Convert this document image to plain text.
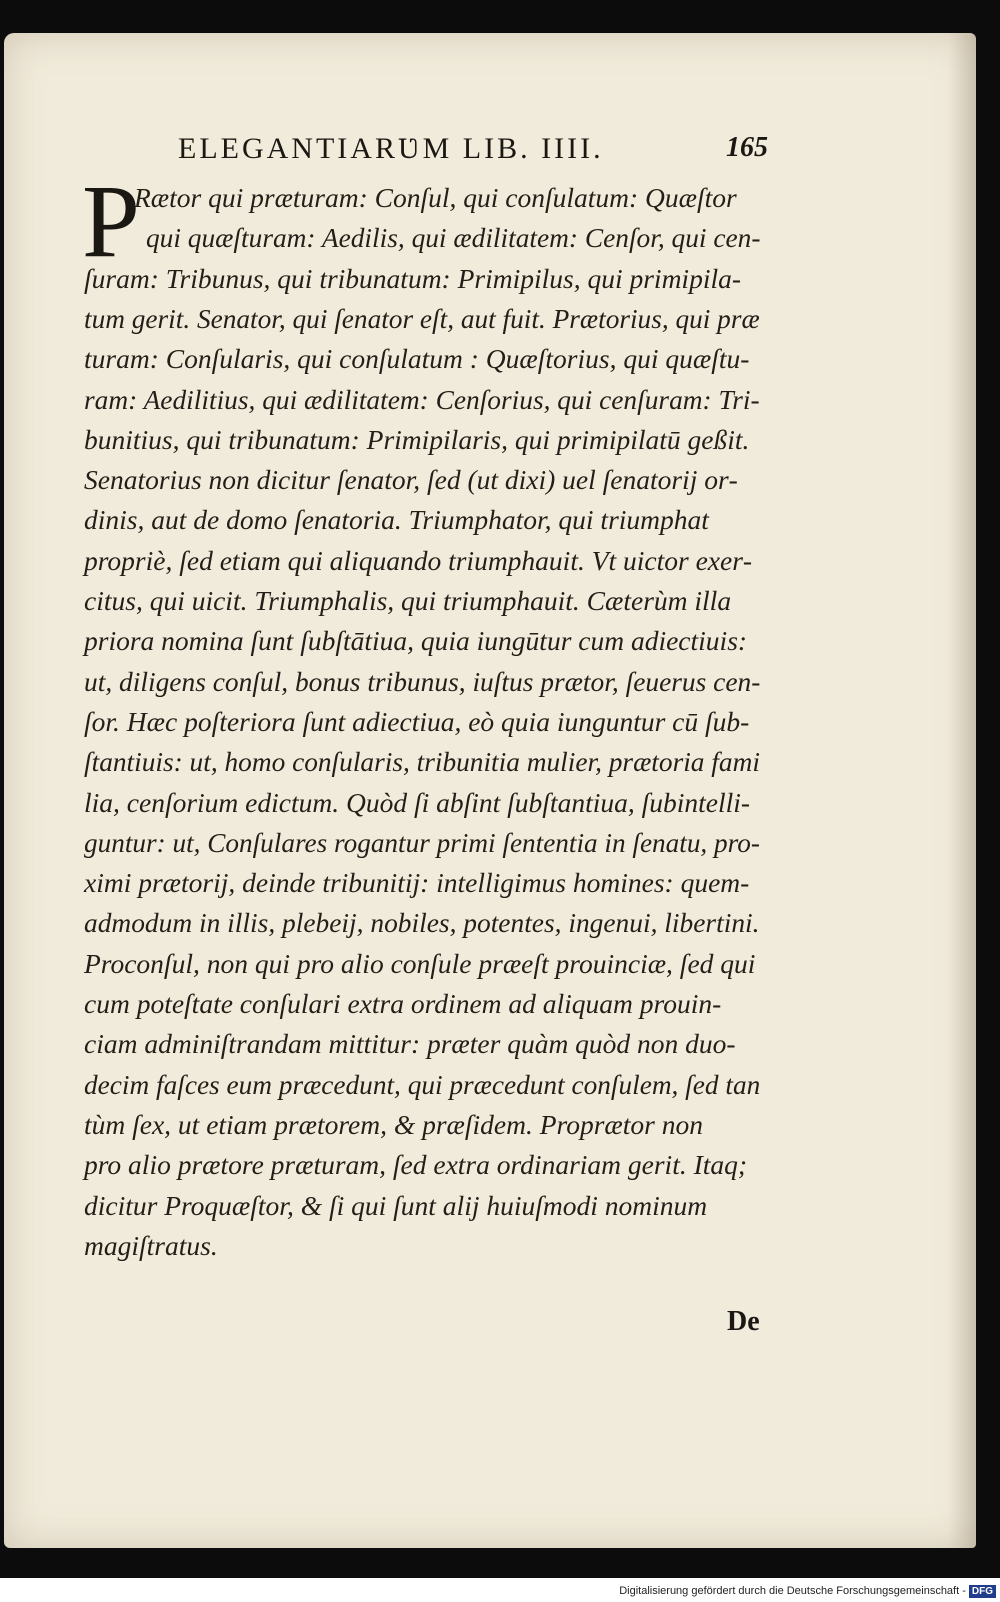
ELEGANTIARƲM LIB. IIII.	165
P
Rætor qui præturam: Conſul, qui conſulatum: Quæſtor
qui quæſturam: Aedilis, qui ædilitatem: Cenſor, qui cen‑
ſuram: Tribunus, qui tribunatum: Primipilus, qui primipila‑
tum gerit. Senator, qui ſenator eſt, aut fuit. Prætorius, qui præ
turam: Conſularis, qui conſulatum : Quæſtorius, qui quæſtu‑
ram: Aedilitius, qui ædilitatem: Cenſorius, qui cenſuram: Tri‑
bunitius, qui tribunatum: Primipilaris, qui primipilatū geßit.
Senatorius non dicitur ſenator, ſed (ut dixi) uel ſenatorij or‑
dinis, aut de domo ſenatoria. Triumphator, qui triumphat
propriè, ſed etiam qui aliquando triumphauit. Vt uictor exer‑
citus, qui uicit. Triumphalis, qui triumphauit. Cæterùm illa
priora nomina ſunt ſubſtātiua, quia iungūtur cum adiectiuis:
ut, diligens conſul, bonus tribunus, iuſtus prætor, ſeuerus cen‑
ſor. Hæc poſteriora ſunt adiectiua, eò quia iunguntur cū ſub‑
ſtantiuis: ut, homo conſularis, tribunitia mulier, prætoria fami
lia, cenſorium edictum. Quòd ſi abſint ſubſtantiua, ſubintelli‑
guntur: ut, Conſulares rogantur primi ſententia in ſenatu, pro‑
ximi prætorij, deinde tribunitij: intelligimus homines: quem‑
admodum in illis, plebeij, nobiles, potentes, ingenui, libertini.
Proconſul, non qui pro alio conſule præeſt prouinciæ, ſed qui
cum poteſtate conſulari extra ordinem ad aliquam prouin‑
ciam adminiſtrandam mittitur: præter quàm quòd non duo‑
decim faſces eum præcedunt, qui præcedunt conſulem, ſed tan
tùm ſex, ut etiam prætorem, & præſidem. Proprætor non
pro alio prætore præturam, ſed extra ordinariam gerit. Itaq;
dicitur Proquæſtor, & ſi qui ſunt alij huiuſmodi nominum
magiſtratus.
De
Digitalisierung gefördert durch die Deutsche Forschungsgemeinschaft - DFG
